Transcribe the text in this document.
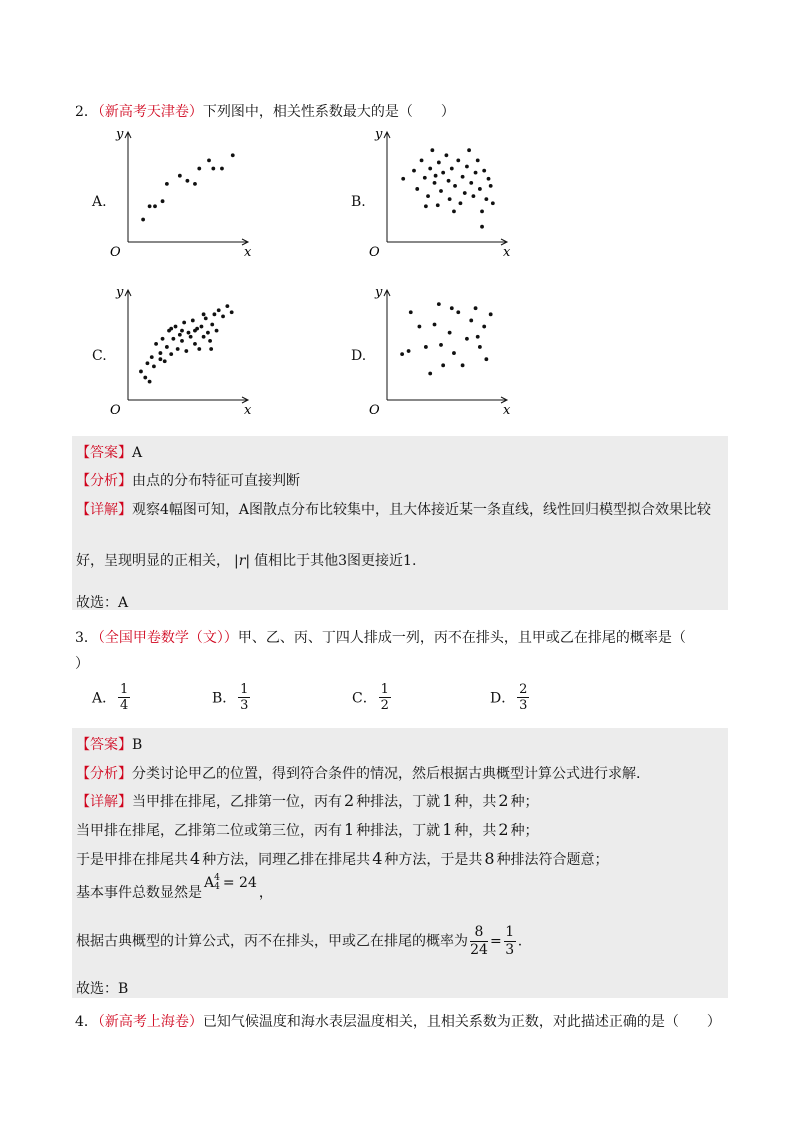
2．（新高考天津卷）下列图中，相关性系数最大的是（　　）
A.	B.
C.	D.
x
y
O	x
y
O
x
y
O	x
y
O
【答案】A
【分析】由点的分布特征可直接判断
【详解】观察4幅图可知，A图散点分布比较集中，且大体接近某一条直线，线性回归模型拟合效果比较
好，呈现明显的正相关， |r| 值相比于其他3图更接近1.
故选：A
3．（全国甲卷数学（文））甲、乙、丙、丁四人排成一列，丙不在排头，且甲或乙在排尾的概率是（
）
A． $\frac{1}{4}$	B． $\frac{1}{3}$	C． $\frac{1}{2}$	D． $\frac{2}{3}$
【答案】B
【分析】分类讨论甲乙的位置，得到符合条件的情况，然后根据古典概型计算公式进行求解.
【详解】当甲排在排尾，乙排第一位，丙有 2 种排法，丁就 1 种，共 2 种；
当甲排在排尾，乙排第二位或第三位，丙有 1 种排法，丁就 1 种，共 2 种；
于是甲排在排尾共 4 种方法，同理乙排在排尾共 4 种方法，于是共 8 种排法符合题意；
基本事件总数显然是A 4
4 = 24，
根据古典概型的计算公式，丙不在排头，甲或乙在排尾的概率为 $\frac{8}{24} = \frac{1}{3}$ .
故选：B
4．（新高考上海卷）已知气候温度和海水表层温度相关，且相关系数为正数，对此描述正确的是（　　）
